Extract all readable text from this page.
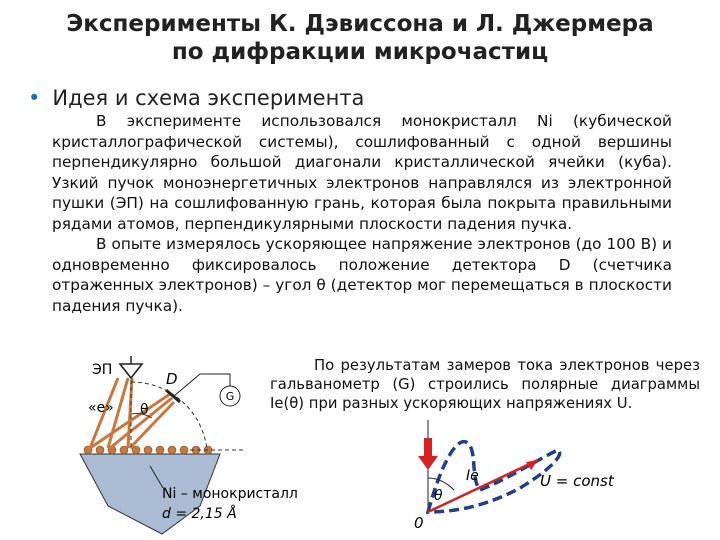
Эксперименты К. Дэвиссона и Л. Джермера
по дифракции микрочастиц
• Идея и схема эксперимента

В эксперименте использовался монокристалл Ni (кубической кристаллографической системы), сошлифованный с одной вершины перпендикулярно большой диагонали кристаллической ячейки (куба). Узкий пучок моноэнергетичных электронов направлялся из электронной пушки (ЭП) на сошлифованную грань, которая была покрыта правильными рядами атомов, перпендикулярными плоскости падения пучка.

В опыте измерялось ускоряющее напряжение электронов (до 100 В) и одновременно фиксировалось положение детектора D (счетчика отраженных электронов) – угол θ (детектор мог перемещаться в плоскости падения пучка).

По результатам замеров тока электронов через гальванометр (G) строились полярные диаграммы Iе(θ) при разных ускоряющих напряжениях U.
G
ЭП
«е» θ
D
Ni – монокристалл
d = 2,15 Å
Iе
θ
0
U = const
